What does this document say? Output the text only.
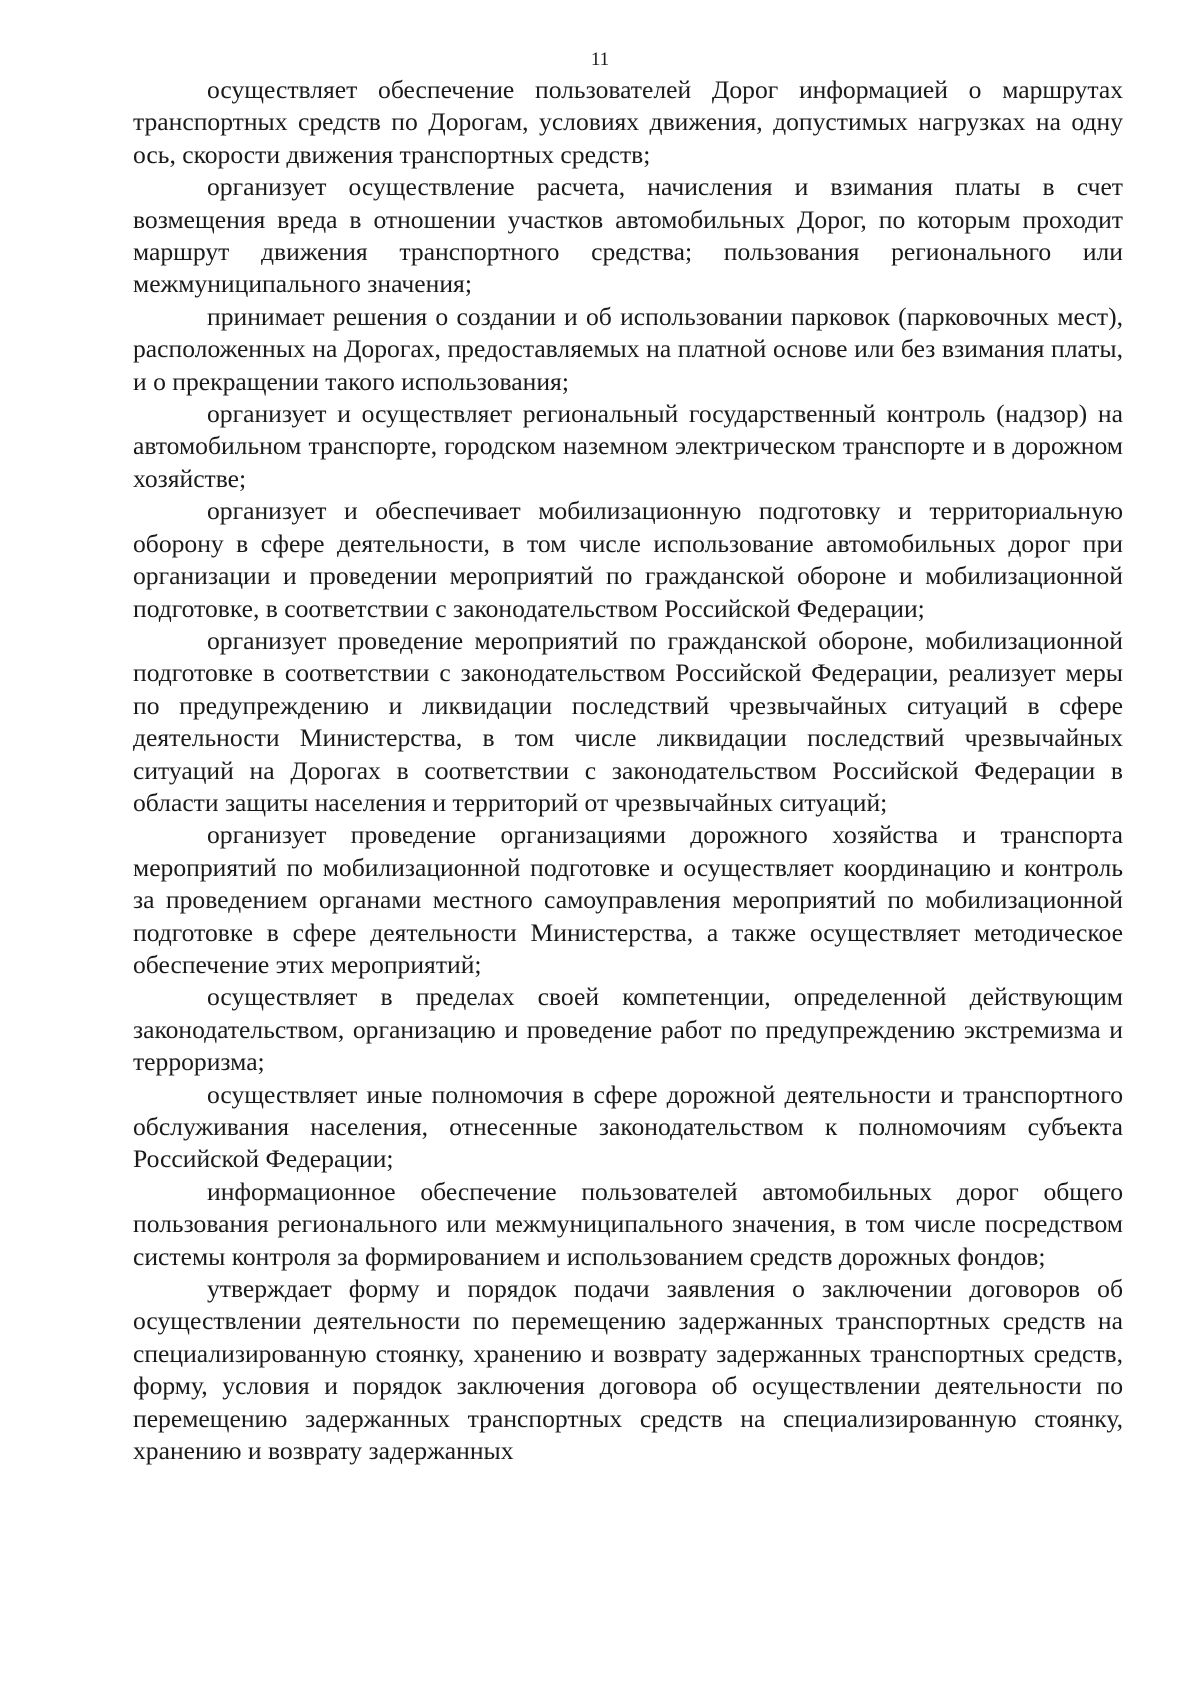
11

осуществляет обеспечение пользователей Дорог информацией о маршрутах транспортных средств по Дорогам, условиях движения, допустимых нагрузках на одну ось, скорости движения транспортных средств;

организует осуществление расчета, начисления и взимания платы в счет возмещения вреда в отношении участков автомобильных Дорог, по которым проходит маршрут движения транспортного средства; пользования регионального или межмуниципального значения;

принимает решения о создании и об использовании парковок (парковочных мест), расположенных на Дорогах, предоставляемых на платной основе или без взимания платы, и о прекращении такого использования;

организует и осуществляет региональный государственный контроль (надзор) на автомобильном транспорте, городском наземном электрическом транспорте и в дорожном хозяйстве;

организует и обеспечивает мобилизационную подготовку и территориальную оборону в сфере деятельности, в том числе использование автомобильных дорог при организации и проведении мероприятий по гражданской обороне и мобилизационной подготовке, в соответствии с законодательством Российской Федерации;

организует проведение мероприятий по гражданской обороне, мобилизационной подготовке в соответствии с законодательством Российской Федерации, реализует меры по предупреждению и ликвидации последствий чрезвычайных ситуаций в сфере деятельности Министерства, в том числе ликвидации последствий чрезвычайных ситуаций на Дорогах в соответствии с законодательством Российской Федерации в области защиты населения и территорий от чрезвычайных ситуаций;

организует проведение организациями дорожного хозяйства и транспорта мероприятий по мобилизационной подготовке и осуществляет координацию и контроль за проведением органами местного самоуправления мероприятий по мобилизационной подготовке в сфере деятельности Министерства, а также осуществляет методическое обеспечение этих мероприятий;

осуществляет в пределах своей компетенции, определенной действующим законодательством, организацию и проведение работ по предупреждению экстремизма и терроризма;

осуществляет иные полномочия в сфере дорожной деятельности и транспортного обслуживания населения, отнесенные законодательством к полномочиям субъекта Российской Федерации;

информационное обеспечение пользователей автомобильных дорог общего пользования регионального или межмуниципального значения, в том числе посредством системы контроля за формированием и использованием средств дорожных фондов;

утверждает форму и порядок подачи заявления о заключении договоров об осуществлении деятельности по перемещению задержанных транспортных средств на специализированную стоянку, хранению и возврату задержанных транспортных средств, форму, условия и порядок заключения договора об осуществлении деятельности по перемещению задержанных транспортных средств на специализированную стоянку, хранению и возврату задержанных
